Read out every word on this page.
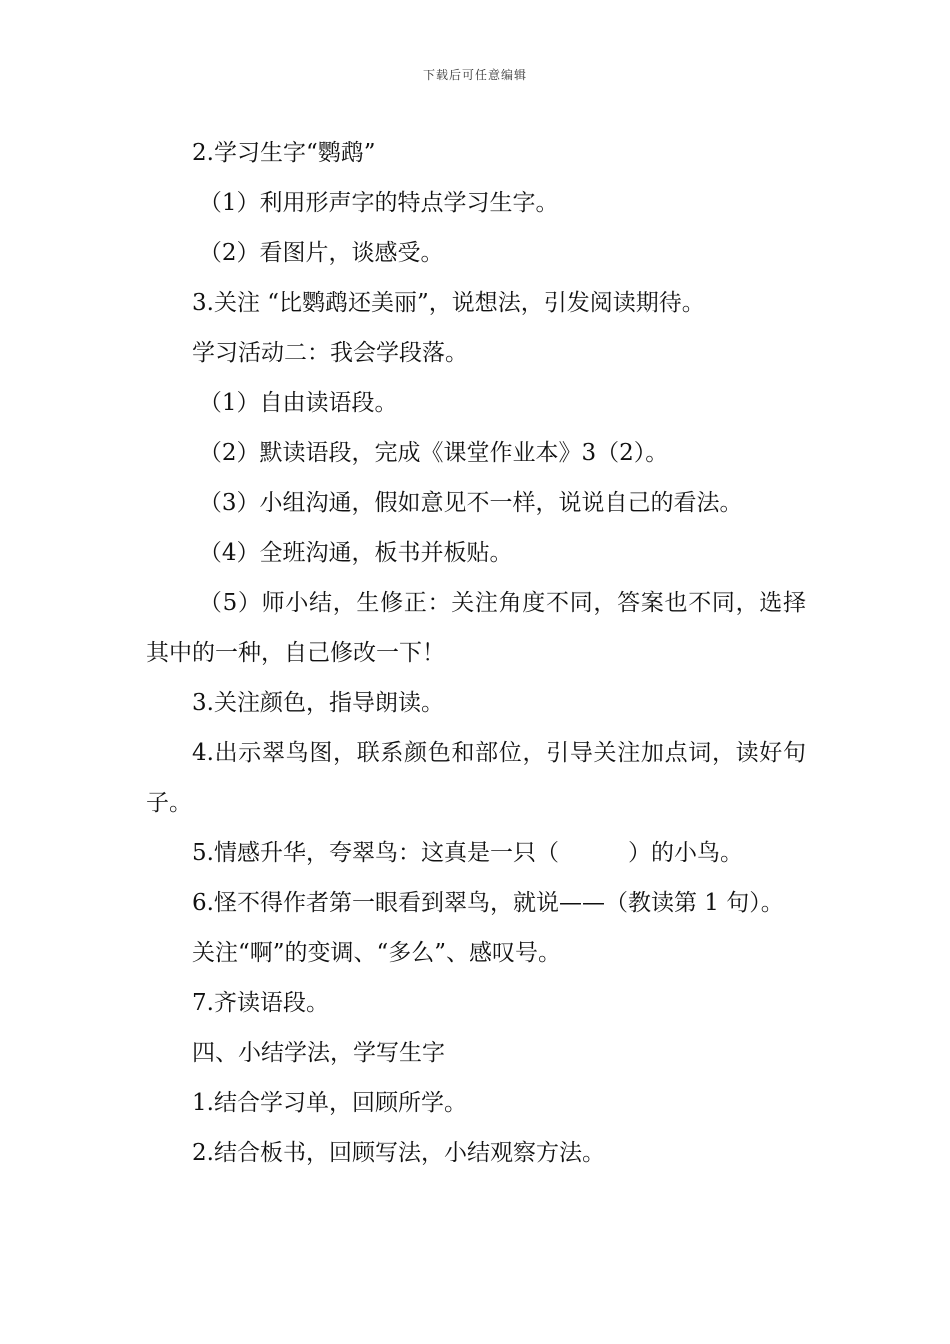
下载后可任意编辑

2.学习生字“鹦鹉”

（1）利用形声字的特点学习生字。

（2）看图片，谈感受。

3.关注 “比鹦鹉还美丽”，说想法，引发阅读期待。

学习活动二：我会学段落。

（1）自由读语段。

（2）默读语段，完成《课堂作业本》3（2）。

（3）小组沟通，假如意见不一样，说说自己的看法。

（4）全班沟通，板书并板贴。

（5）师小结，生修正：关注角度不同，答案也不同，选择其中的一种，自己修改一下！

3.关注颜色，指导朗读。

4.出示翠鸟图，联系颜色和部位，引导关注加点词，读好句子。

5.情感升华，夸翠鸟：这真是一只（　　　）的小鸟。

6.怪不得作者第一眼看到翠鸟，就说——（教读第 1 句）。

关注“啊”的变调、“多么”、感叹号。

7.齐读语段。

四、小结学法，学写生字

1.结合学习单，回顾所学。

2.结合板书，回顾写法，小结观察方法。
